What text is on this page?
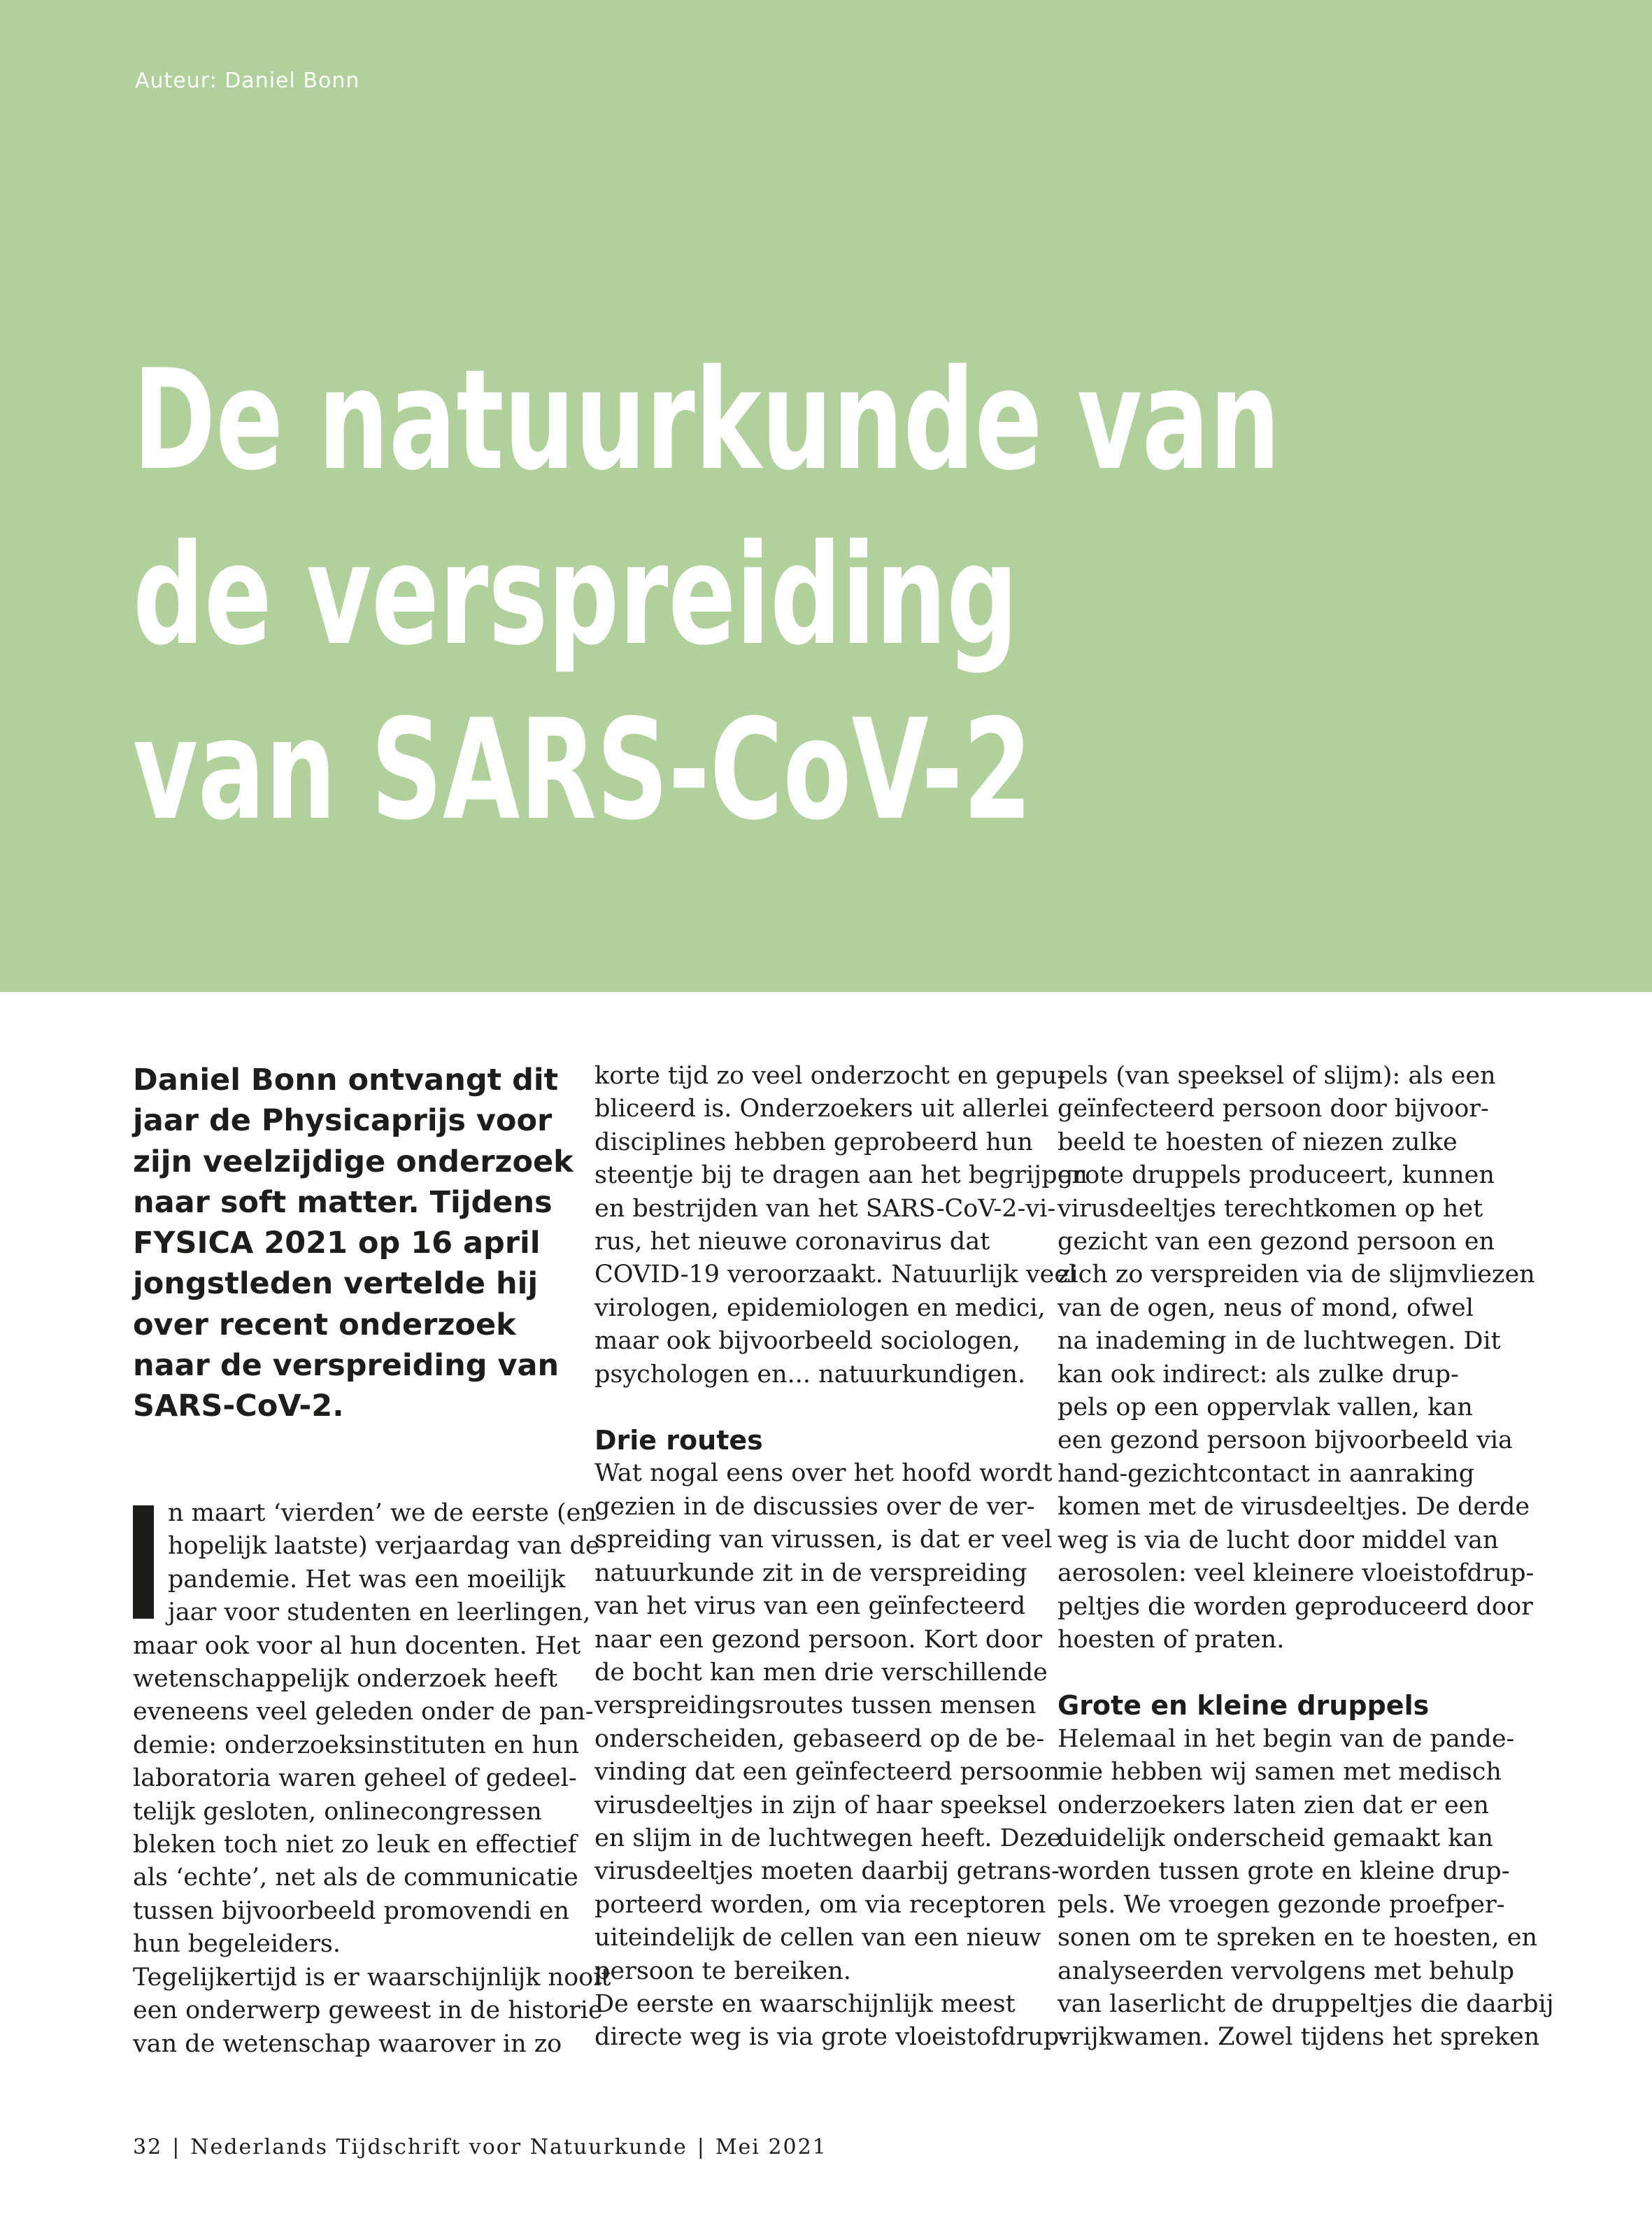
Auteur: Daniel Bonn

De natuurkunde van
de verspreiding
van SARS-CoV-2
Daniel Bonn ontvangt dit
jaar de Physicaprijs voor
zijn veelzijdige onderzoek
naar soft matter. Tijdens
FYSICA 2021 op 16 april
jongstleden vertelde hij
over recent onderzoek
naar de verspreiding van
SARS-CoV-2.
n maart ‘vierden’ we de eerste (en
hopelijk laatste) verjaardag van de
pandemie. Het was een moeilijk
jaar voor studenten en leerlingen,
maar ook voor al hun docenten. Het
wetenschappelijk onderzoek heeft
eveneens veel geleden onder de pan-
demie: onderzoeksinstituten en hun
laboratoria waren geheel of gedeel-
telijk gesloten, onlinecongressen
bleken toch niet zo leuk en effectief
als ‘echte’, net als de communicatie
tussen bijvoorbeeld promovendi en
hun begeleiders.
Tegelijkertijd is er waarschijnlijk nooit
een onderwerp geweest in de historie
van de wetenschap waarover in zo
korte tijd zo veel onderzocht en gepu-
bliceerd is. Onderzoekers uit allerlei
disciplines hebben geprobeerd hun
steentje bij te dragen aan het begrijpen
en bestrijden van het SARS-CoV-2-vi-
rus, het nieuwe coronavirus dat
COVID-19 veroorzaakt. Natuurlijk veel
virologen, epidemiologen en medici,
maar ook bijvoorbeeld sociologen,
psychologen en... natuurkundigen.
Drie routes
Wat nogal eens over het hoofd wordt
gezien in de discussies over de ver-
spreiding van virussen, is dat er veel
natuurkunde zit in de verspreiding
van het virus van een geïnfecteerd
naar een gezond persoon. Kort door
de bocht kan men drie verschillende
verspreidingsroutes tussen mensen
onderscheiden, gebaseerd op de be-
vinding dat een geïnfecteerd persoon
virusdeeltjes in zijn of haar speeksel
en slijm in de luchtwegen heeft. Deze
virusdeeltjes moeten daarbij getrans-
porteerd worden, om via receptoren
uiteindelijk de cellen van een nieuw
persoon te bereiken.
De eerste en waarschijnlijk meest
directe weg is via grote vloeistofdrup-
pels (van speeksel of slijm): als een
geïnfecteerd persoon door bijvoor-
beeld te hoesten of niezen zulke
grote druppels produceert, kunnen
virusdeeltjes terechtkomen op het
gezicht van een gezond persoon en
zich zo verspreiden via de slijmvliezen
van de ogen, neus of mond, ofwel
na inademing in de luchtwegen. Dit
kan ook indirect: als zulke drup-
pels op een oppervlak vallen, kan
een gezond persoon bijvoorbeeld via
hand-gezichtcontact in aanraking
komen met de virusdeeltjes. De derde
weg is via de lucht door middel van
aerosolen: veel kleinere vloeistofdrup-
peltjes die worden geproduceerd door
hoesten of praten.
Grote en kleine druppels
Helemaal in het begin van de pande-
mie hebben wij samen met medisch
onderzoekers laten zien dat er een
duidelijk onderscheid gemaakt kan
worden tussen grote en kleine drup-
pels. We vroegen gezonde proefper-
sonen om te spreken en te hoesten, en
analyseerden vervolgens met behulp
van laserlicht de druppeltjes die daarbij
vrijkwamen. Zowel tijdens het spreken
32 | Nederlands Tijdschrift voor Natuurkunde | Mei 2021
